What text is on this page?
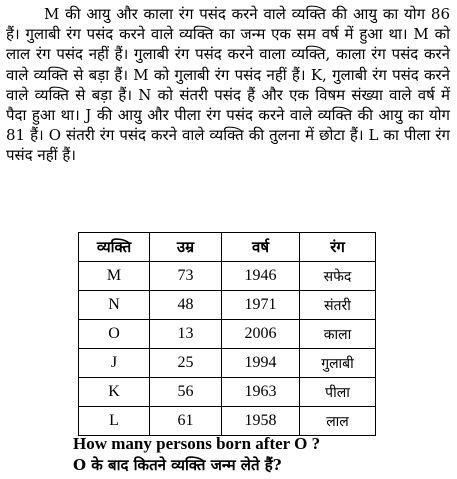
M की आयु और काला रंग पसंद करने वाले व्यक्ति की आयु का योग 86 हैं। गुलाबी रंग पसंद करने वाले व्यक्ति का जन्म एक सम वर्ष में हुआ था। M को लाल रंग पसंद नहीं हैं। गुलाबी रंग पसंद करने वाला व्यक्ति, काला रंग पसंद करने वाले व्यक्ति से बड़ा हैं। M को गुलाबी रंग पसंद नहीं हैं। K, गुलाबी रंग पसंद करने वाले व्यक्ति से बड़ा हैं। N को संतरी पसंद हैं और एक विषम संख्या वाले वर्ष में पैदा हुआ था। J की आयु और पीला रंग पसंद करने वाले व्यक्ति की आयु का योग 81 हैं। O संतरी रंग पसंद करने वाले व्यक्ति की तुलना में छोटा हैं। L का पीला रंग पसंद नहीं हैं।

व्यक्ति	उम्र	वर्ष	रंग
M	73	1946	सफेद
N	48	1971	संतरी
O	13	2006	काला
J	25	1994	गुलाबी
K	56	1963	पीला
L	61	1958	लाल
How many persons born after O ?
O के बाद कितने व्यक्ति जन्म लेते हैं?
